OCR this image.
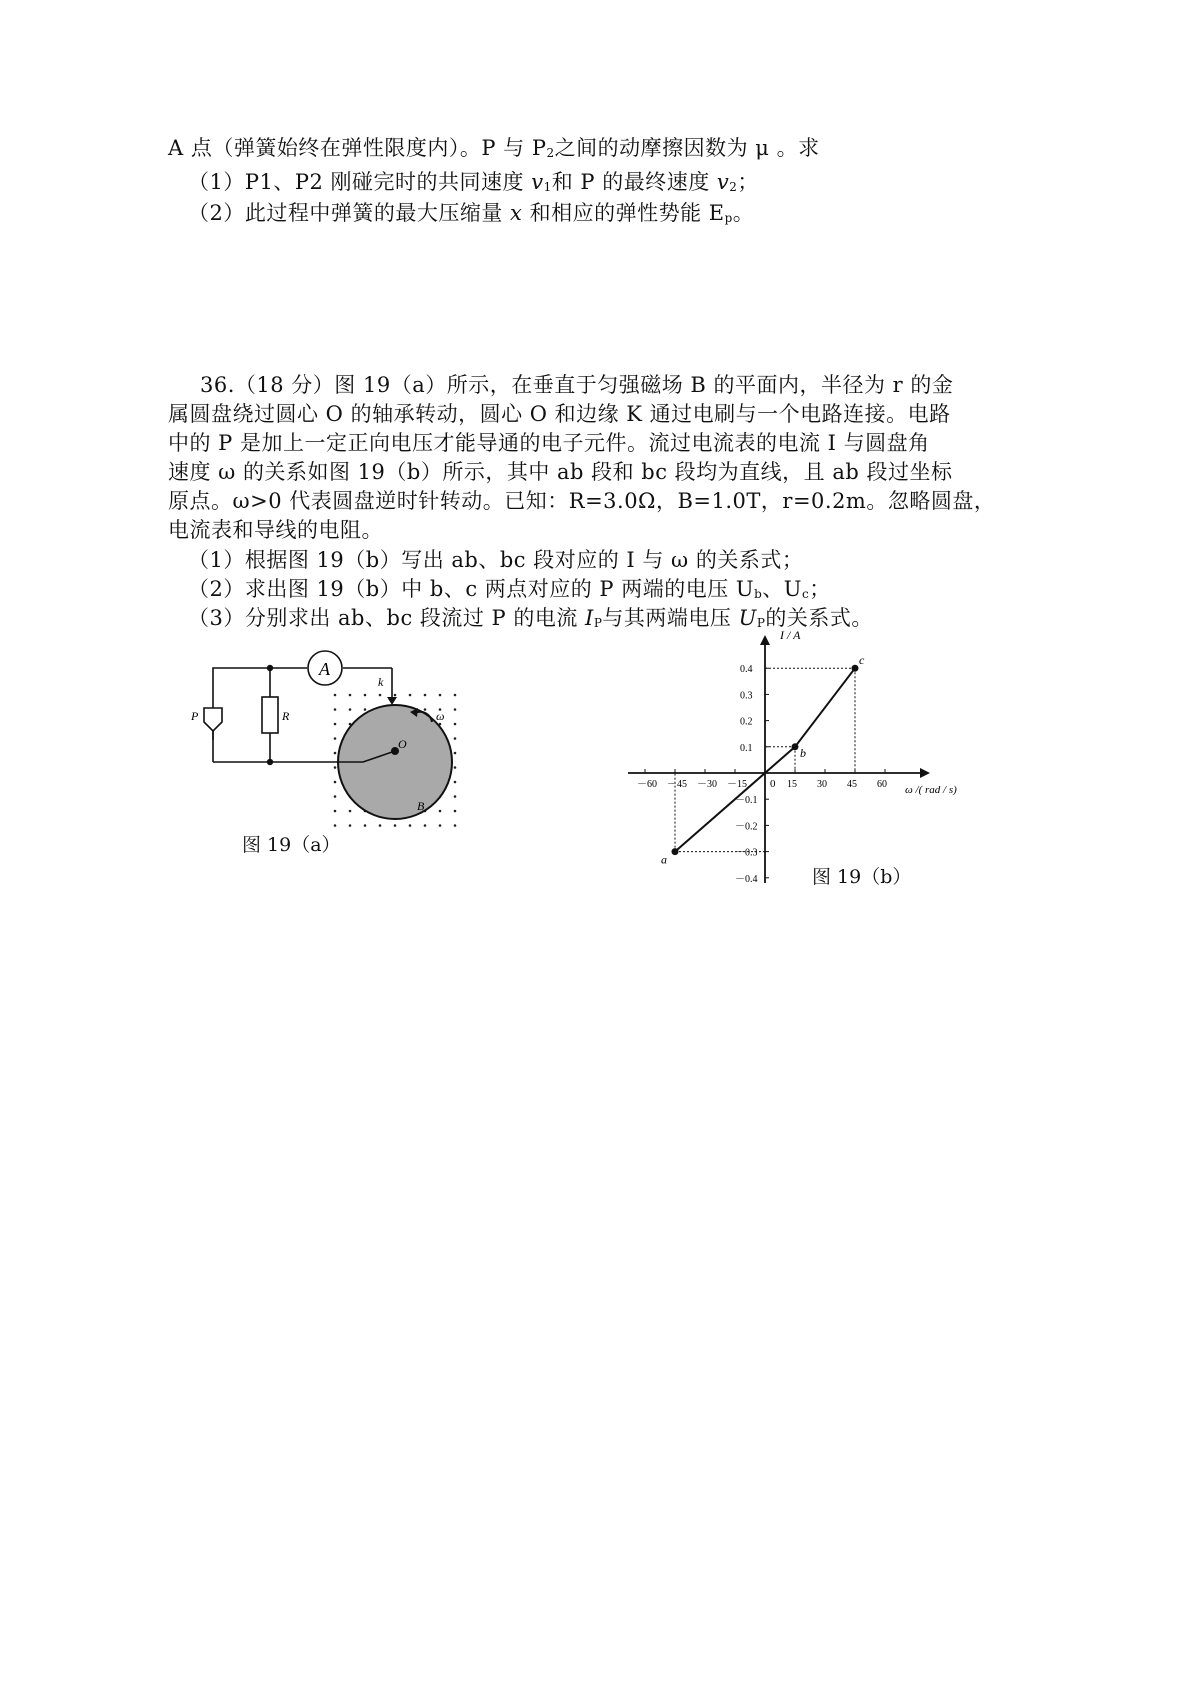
A 点（弹簧始终在弹性限度内）。P 与 $P_2$之间的动摩擦因数为 μ 。求
（1）P1、P2 刚碰完时的共同速度 $v_1$和 P 的最终速度 $v_2$；
（2）此过程中弹簧的最大压缩量 x 和相应的弹性势能 $E_p$。
36.（18 分）图 19（a）所示，在垂直于匀强磁场 B 的平面内，半径为 r 的金
属圆盘绕过圆心 O 的轴承转动，圆心 O 和边缘 K 通过电刷与一个电路连接。电路
中的 P 是加上一定正向电压才能导通的电子元件。流过电流表的电流 I 与圆盘角
速度 ω 的关系如图 19（b）所示，其中 ab 段和 bc 段均为直线，且 ab 段过坐标
原点。ω>0 代表圆盘逆时针转动。已知：R=3.0Ω，B=1.0T，r=0.2m。忽略圆盘，
电流表和导线的电阻。
（1）根据图 19（b）写出 ab、bc 段对应的 I 与 ω 的关系式；
（2）求出图 19（b）中 b、c 两点对应的 P 两端的电压 $U_b$、$U_c$；
（3）分别求出 ab、bc 段流过 P 的电流 $I_P$与其两端电压 $U_P$的关系式。
A
P	R
k
ω
O
B
图 19（a）
I / A
ω /( rad / s)
0
－60 －45 －30 －15	15 30 45 60
0.1
0.2
0.3
0.4
－0.1
－0.2
－0.3
－0.4
a
b
c
图 19（b）
